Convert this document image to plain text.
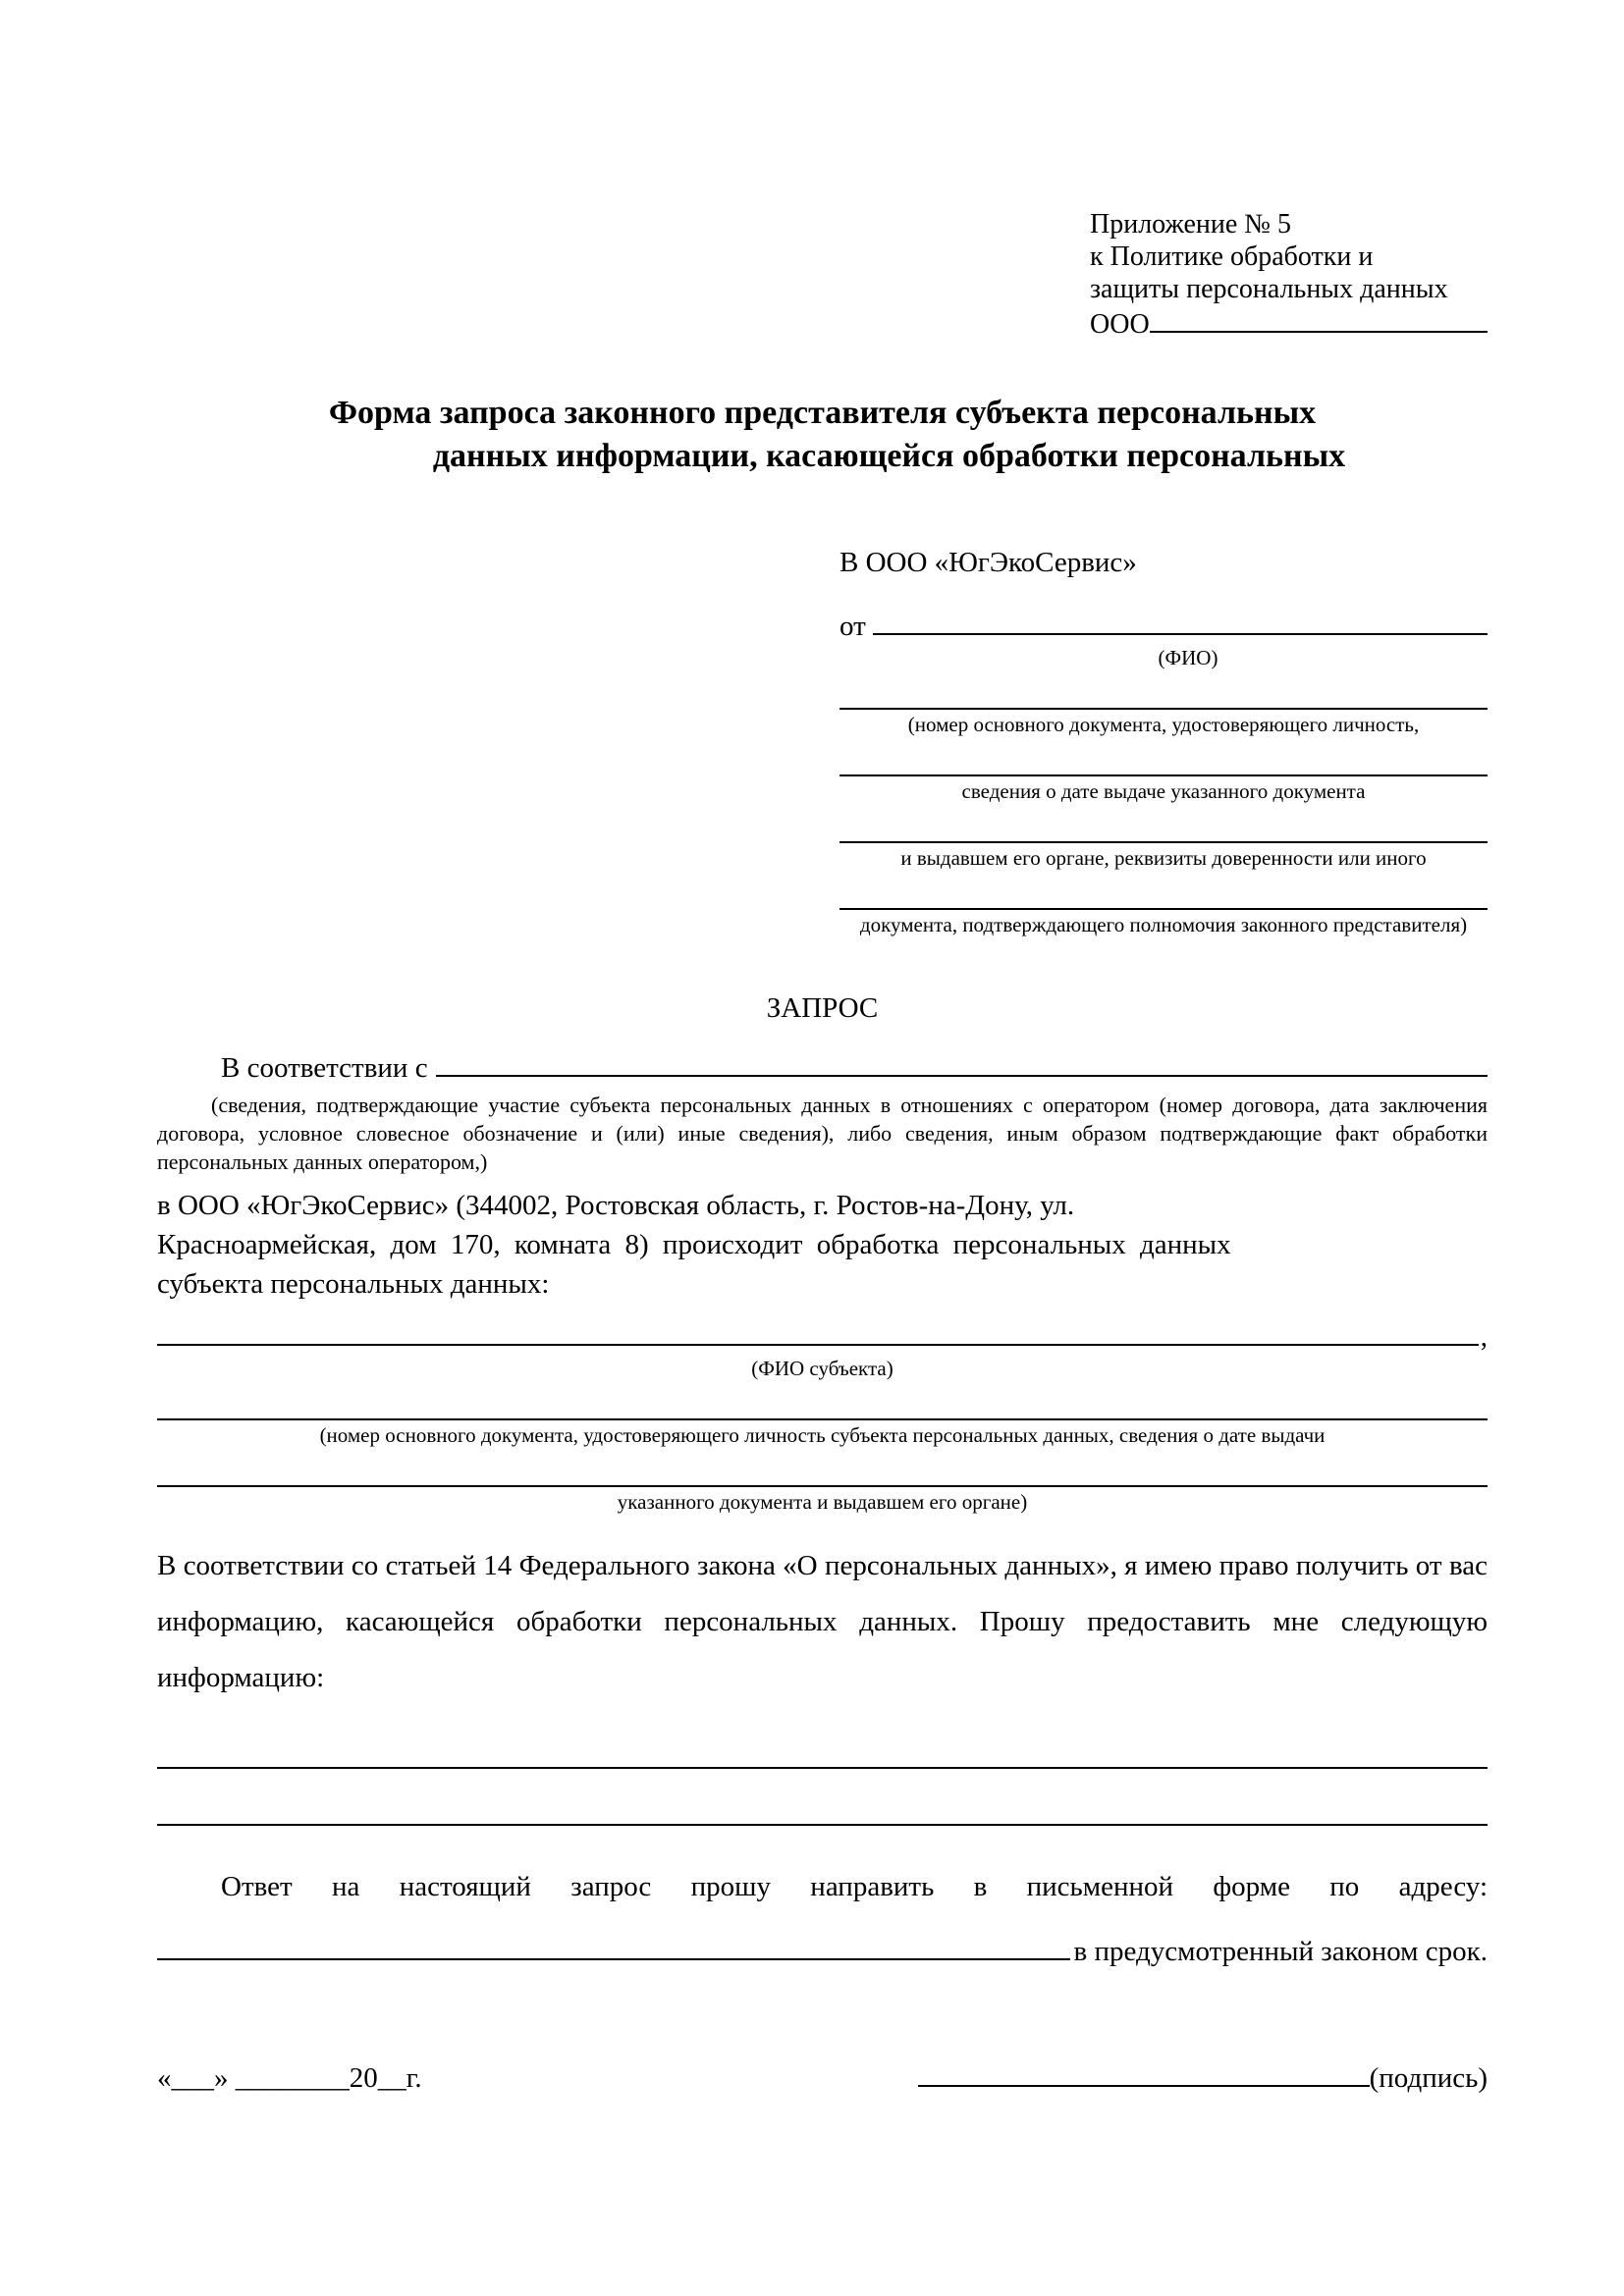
Приложение № 5
к Политике обработки и
защиты персональных данных
ООО
Форма запроса законного представителя субъекта персональных
данных информации, касающейся обработки персональных
В ООО «ЮгЭкоСервис»
от

(ФИО)
(номер основного документа, удостоверяющего личность,
сведения о дате выдаче указанного документа
и выдавшем его органе, реквизиты доверенности или иного
документа, подтверждающего полномочия законного представителя)
ЗАПРОС
В соответствии с
(сведения, подтверждающие участие субъекта персональных данных в отношениях с оператором (номер договора, дата заключения договора, условное словесное обозначение и (или) иные сведения), либо сведения, иным образом подтверждающие факт обработки персональных данных оператором,)
в ООО «ЮгЭкоСервис» (344002, Ростовская область, г. Ростов-на-Дону, ул.
Красноармейская, дом 170, комната 8) происходит обработка персональных данных
субъекта персональных данных:
,
(ФИО субъекта)
(номер основного документа, удостоверяющего личность субъекта персональных данных, сведения о дате выдачи
указанного документа и выдавшем его органе)
В соответствии со статьей 14 Федерального закона «О персональных данных», я имею право получить от вас информацию, касающейся обработки персональных данных. Прошу предоставить мне следующую информацию:
Ответ на настоящий запрос прошу направить в письменной форме по адресу:
в предусмотренный законом срок.
«___» ________20__г.	(подпись)
